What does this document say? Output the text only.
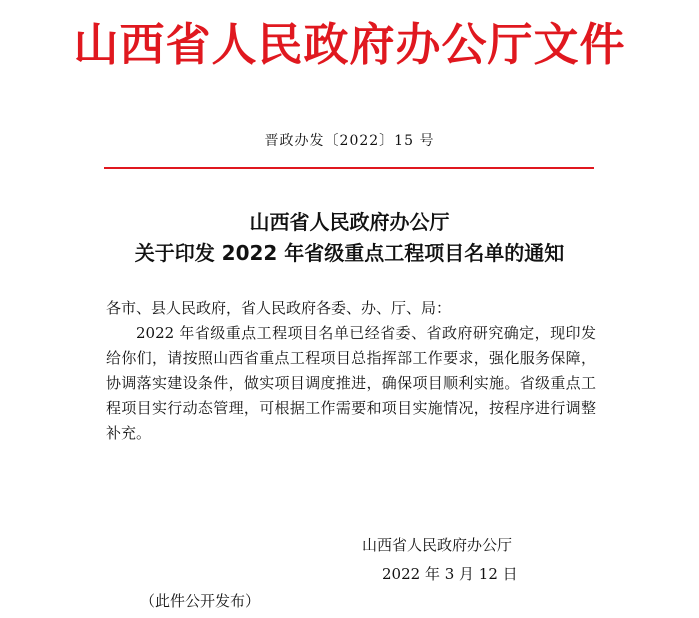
山西省人民政府办公厅文件
晋政办发〔2022〕15 号
山西省人民政府办公厅
关于印发 2022 年省级重点工程项目名单的通知
各市、县人民政府，省人民政府各委、办、厅、局：

2022 年省级重点工程项目名单已经省委、省政府研究确定，现印发给你们，请按照山西省重点工程项目总指挥部工作要求，强化服务保障，协调落实建设条件，做实项目调度推进，确保项目顺利实施。省级重点工程项目实行动态管理，可根据工作需要和项目实施情况，按程序进行调整补充。

山西省人民政府办公厅
2022 年 3 月 12 日
（此件公开发布）
